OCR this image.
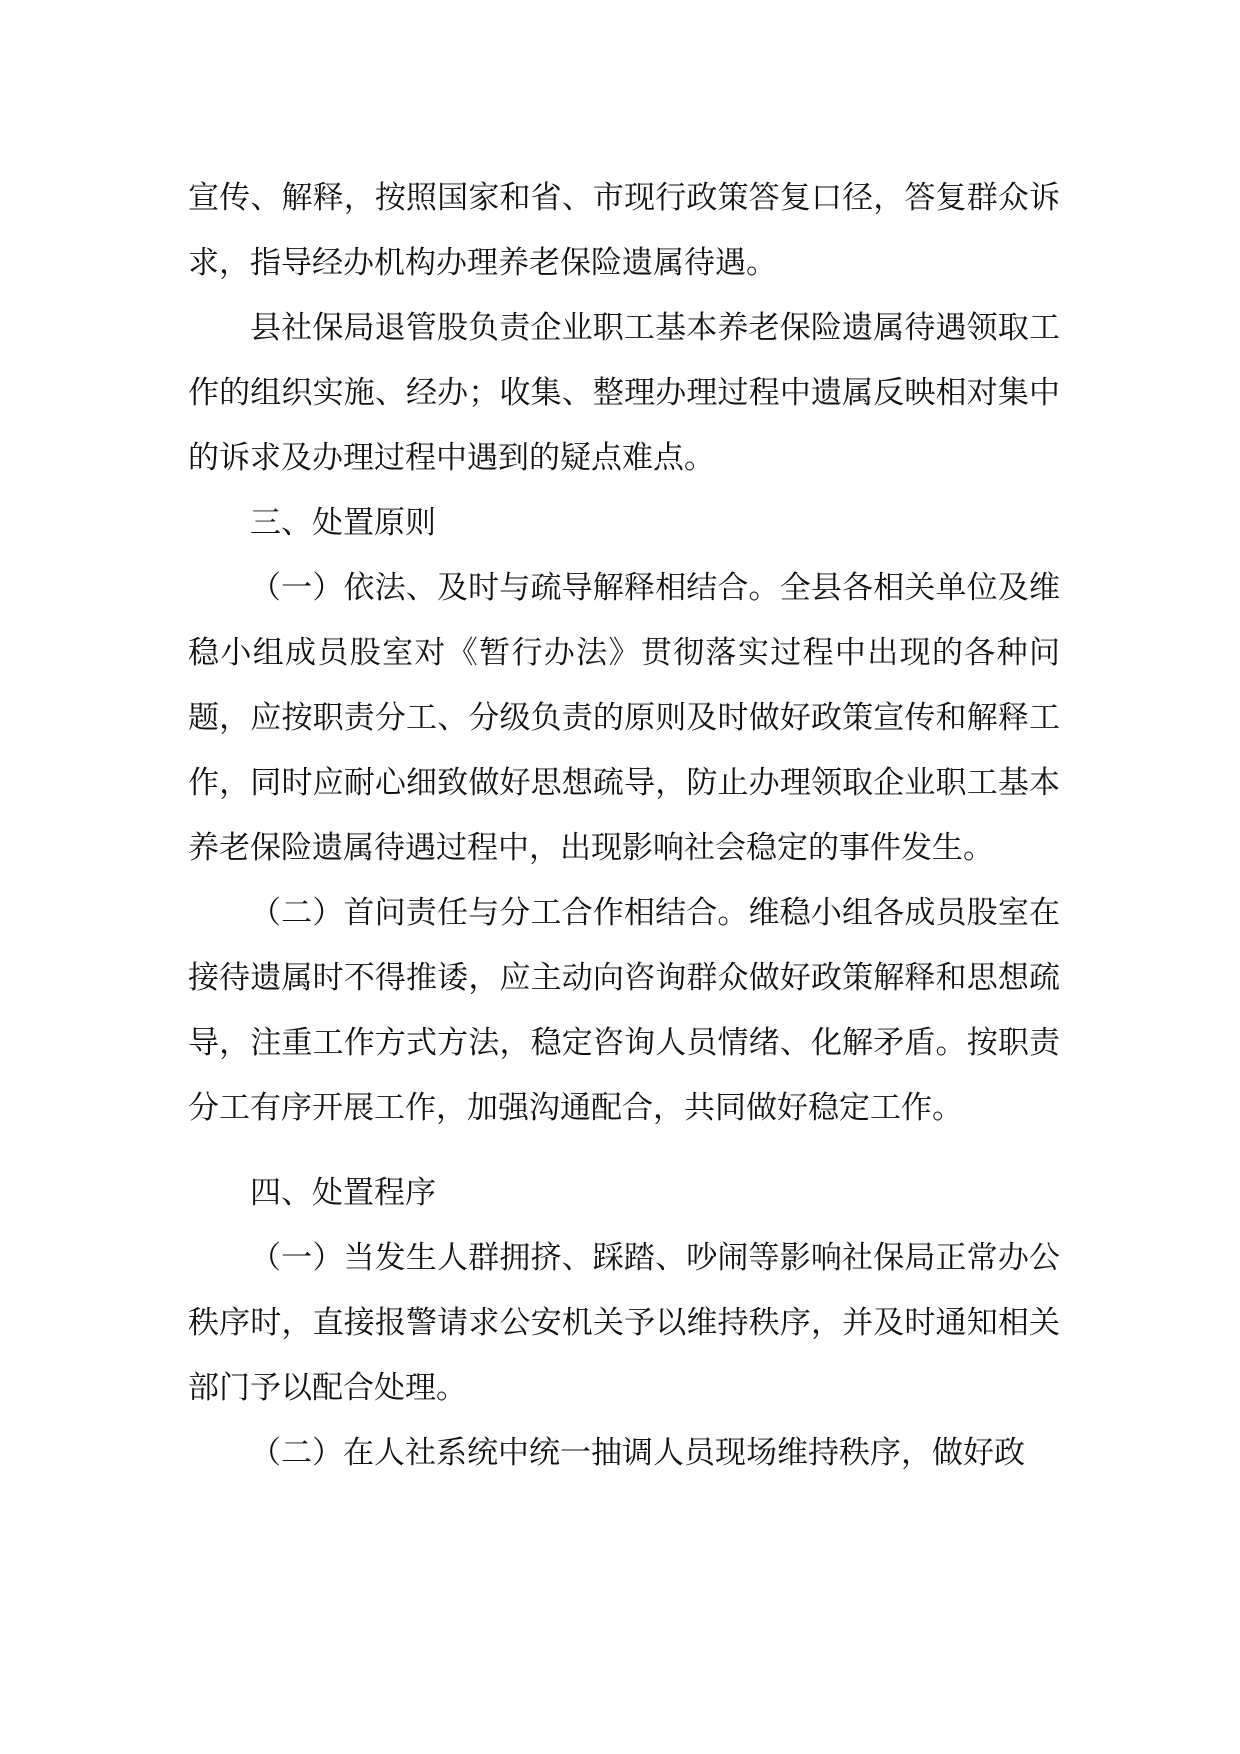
宣传、解释，按照国家和省、市现行政策答复口径，答复群众诉求，指导经办机构办理养老保险遗属待遇。

县社保局退管股负责企业职工基本养老保险遗属待遇领取工作的组织实施、经办；收集、整理办理过程中遗属反映相对集中的诉求及办理过程中遇到的疑点难点。

三、处置原则

（一）依法、及时与疏导解释相结合。全县各相关单位及维稳小组成员股室对《暂行办法》贯彻落实过程中出现的各种问题，应按职责分工、分级负责的原则及时做好政策宣传和解释工作，同时应耐心细致做好思想疏导，防止办理领取企业职工基本养老保险遗属待遇过程中，出现影响社会稳定的事件发生。

（二）首问责任与分工合作相结合。维稳小组各成员股室在接待遗属时不得推诿，应主动向咨询群众做好政策解释和思想疏导，注重工作方式方法，稳定咨询人员情绪、化解矛盾。按职责分工有序开展工作，加强沟通配合，共同做好稳定工作。

四、处置程序

（一）当发生人群拥挤、踩踏、吵闹等影响社保局正常办公秩序时，直接报警请求公安机关予以维持秩序，并及时通知相关部门予以配合处理。

（二）在人社系统中统一抽调人员现场维持秩序，做好政
